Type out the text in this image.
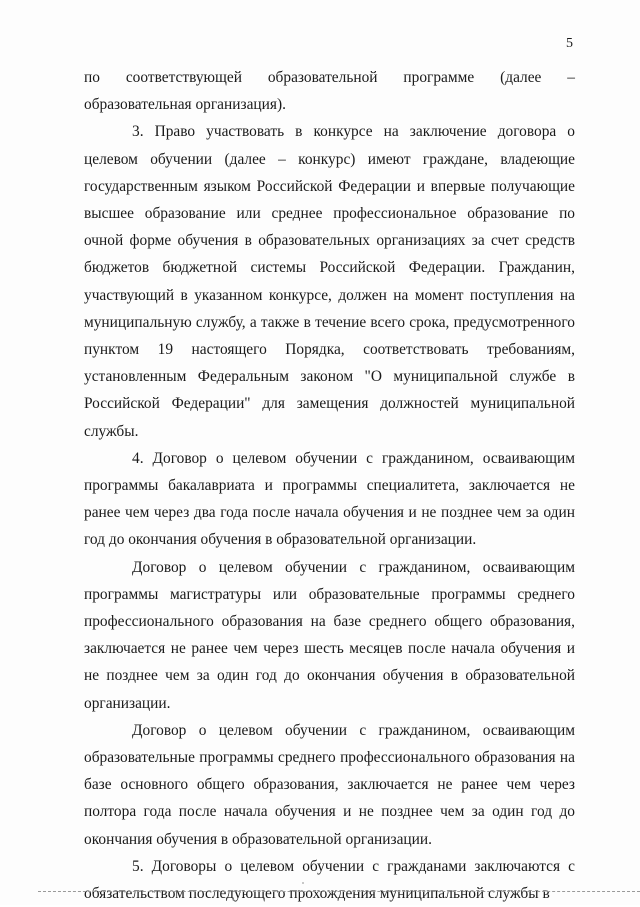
5

по соответствующей образовательной программе (далее – образовательная организация).

3. Право участвовать в конкурсе на заключение договора о целевом обучении (далее – конкурс) имеют граждане, владеющие государственным языком Российской Федерации и впервые получающие высшее образование или среднее профессиональное образование по очной форме обучения в образовательных организациях за счет средств бюджетов бюджетной системы Российской Федерации. Гражданин, участвующий в указанном конкурсе, должен на момент поступления на муниципальную службу, а также в течение всего срока, предусмотренного пунктом 19 настоящего Порядка, соответствовать требованиям, установленным Федеральным законом "О муниципальной службе в Российской Федерации" для замещения должностей муниципальной службы.

4. Договор о целевом обучении с гражданином, осваивающим программы бакалавриата и программы специалитета, заключается не ранее чем через два года после начала обучения и не позднее чем за один год до окончания обучения в образовательной организации.

Договор о целевом обучении с гражданином, осваивающим программы магистратуры или образовательные программы среднего профессионального образования на базе среднего общего образования, заключается не ранее чем через шесть месяцев после начала обучения и не позднее чем за один год до окончания обучения в образовательной организации.

Договор о целевом обучении с гражданином, осваивающим образовательные программы среднего профессионального образования на базе основного общего образования, заключается не ранее чем через полтора года после начала обучения и не позднее чем за один год до окончания обучения в образовательной организации.

5. Договоры о целевом обучении с гражданами заключаются с обязательством последующего прохождения муниципальной службы в
